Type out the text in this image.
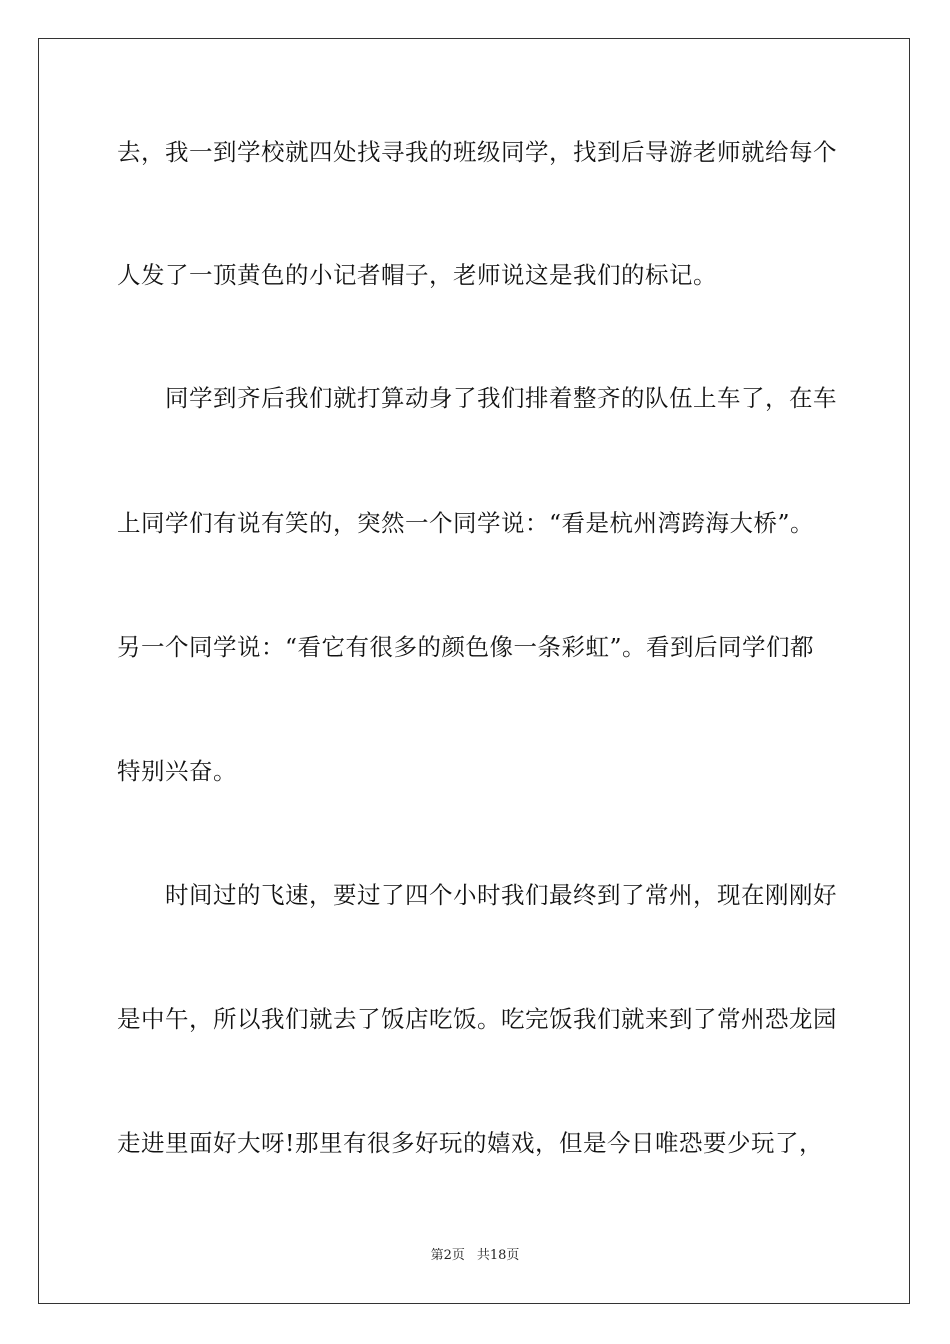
去，我一到学校就四处找寻我的班级同学，找到后导游老师就给每个
人发了一顶黄色的小记者帽子，老师说这是我们的标记。
同学到齐后我们就打算动身了我们排着整齐的队伍上车了，在车
上同学们有说有笑的，突然一个同学说：“看是杭州湾跨海大桥”。
另一个同学说：“看它有很多的颜色像一条彩虹”。看到后同学们都
特别兴奋。
时间过的飞速，要过了四个小时我们最终到了常州，现在刚刚好
是中午，所以我们就去了饭店吃饭。吃完饭我们就来到了常州恐龙园
走进里面好大呀!那里有很多好玩的嬉戏，但是今日唯恐要少玩了，
第2页 共18页
